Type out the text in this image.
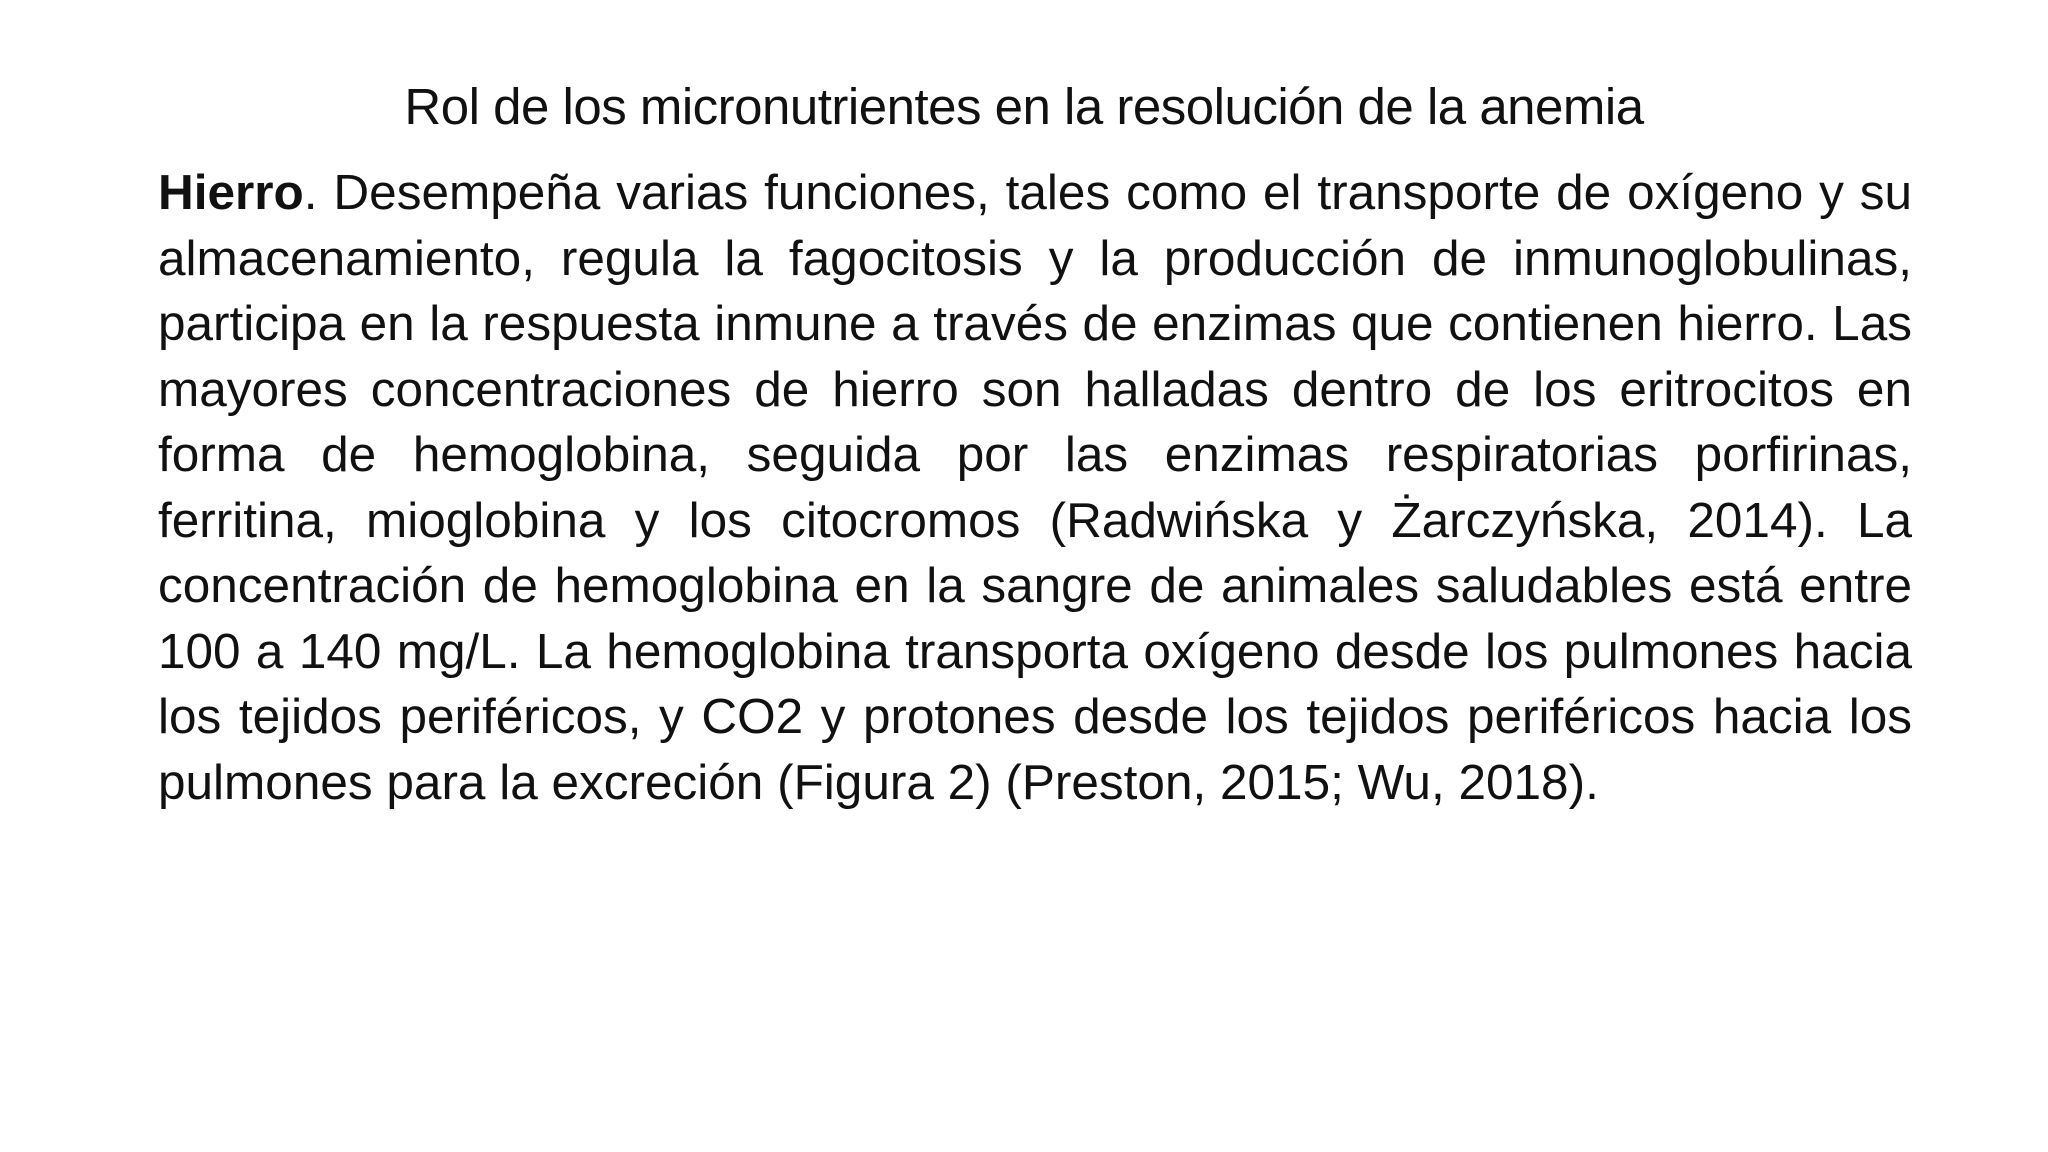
Rol de los micronutrientes en la resolución de la anemia

Hierro. Desempeña varias funciones, tales como el transporte de oxígeno y su almacenamiento, regula la fagocitosis y la producción de inmunoglobulinas, participa en la respuesta inmune a través de enzimas que contienen hierro. Las mayores concentraciones de hierro son halladas dentro de los eritrocitos en forma de hemoglobina, seguida por las enzimas respiratorias porfirinas, ferritina, mioglobina y los citocromos (Radwińska y Żarczyńska, 2014). La concentración de hemoglobina en la sangre de animales saludables está entre 100 a 140 mg/L. La hemoglobina transporta oxígeno desde los pulmones hacia los tejidos periféricos, y CO2 y protones desde los tejidos periféricos hacia los pulmones para la excreción (Figura 2) (Preston, 2015; Wu, 2018).
